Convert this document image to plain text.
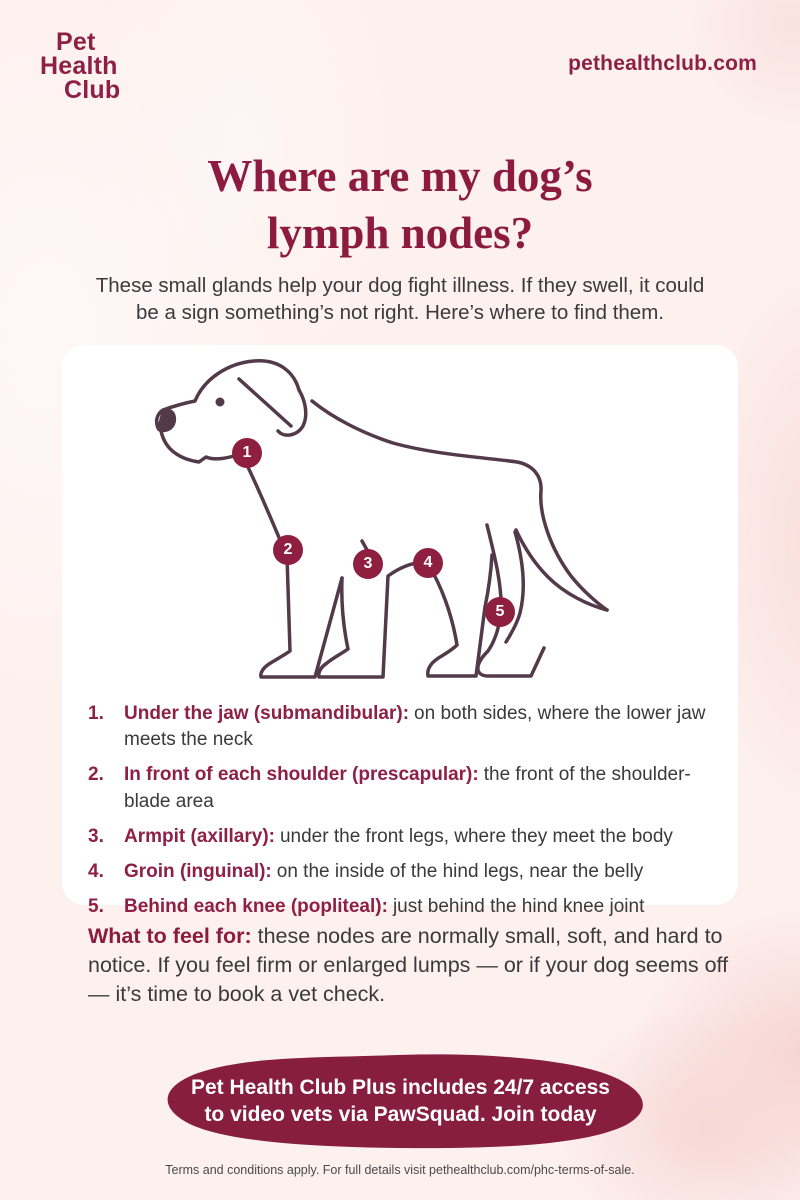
Pet
Health
Club
pethealthclub.com
Where are my dog’s
lymph nodes?
These small glands help your dog fight illness. If they swell, it could
be a sign something’s not right. Here’s where to find them.
1
2
3	4
5
1.	Under the jaw (submandibular): on both sides, where the lower jaw meets the neck
2.	In front of each shoulder (prescapular): the front of the shoulder-blade area
3.	Armpit (axillary): under the front legs, where they meet the body
4.	Groin (inguinal): on the inside of the hind legs, near the belly
5.	Behind each knee (popliteal): just behind the hind knee joint
What to feel for: these nodes are normally small, soft, and hard to notice. If you feel firm or enlarged lumps — or if your dog seems off — it’s time to book a vet check.
Pet Health Club Plus includes 24/7 access
to video vets via PawSquad. Join today
Terms and conditions apply. For full details visit pethealthclub.com/phc-terms-of-sale.
